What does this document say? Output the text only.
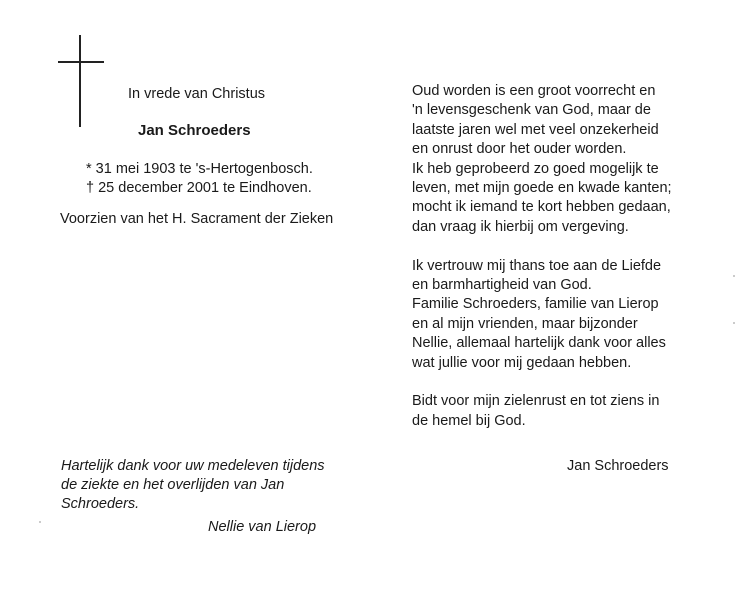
In vrede van Christus
Jan Schroeders
* 31 mei 1903 te 's-Hertogenbosch.
† 25 december 2001 te Eindhoven.
Voorzien van het H. Sacrament der Zieken
Hartelijk dank voor uw medeleven tijdens
de ziekte en het overlijden van Jan
Schroeders.
Nellie van Lierop

Oud worden is een groot voorrecht en
'n levensgeschenk van God, maar de
laatste jaren wel met veel onzekerheid
en onrust door het ouder worden.
Ik heb geprobeerd zo goed mogelijk te
leven, met mijn goede en kwade kanten;
mocht ik iemand te kort hebben gedaan,
dan vraag ik hierbij om vergeving.

Ik vertrouw mij thans toe aan de Liefde
en barmhartigheid van God.
Familie Schroeders, familie van Lierop
en al mijn vrienden, maar bijzonder
Nellie, allemaal hartelijk dank voor alles
wat jullie voor mij gedaan hebben.

Bidt voor mijn zielenrust en tot ziens in
de hemel bij God.

Jan Schroeders
